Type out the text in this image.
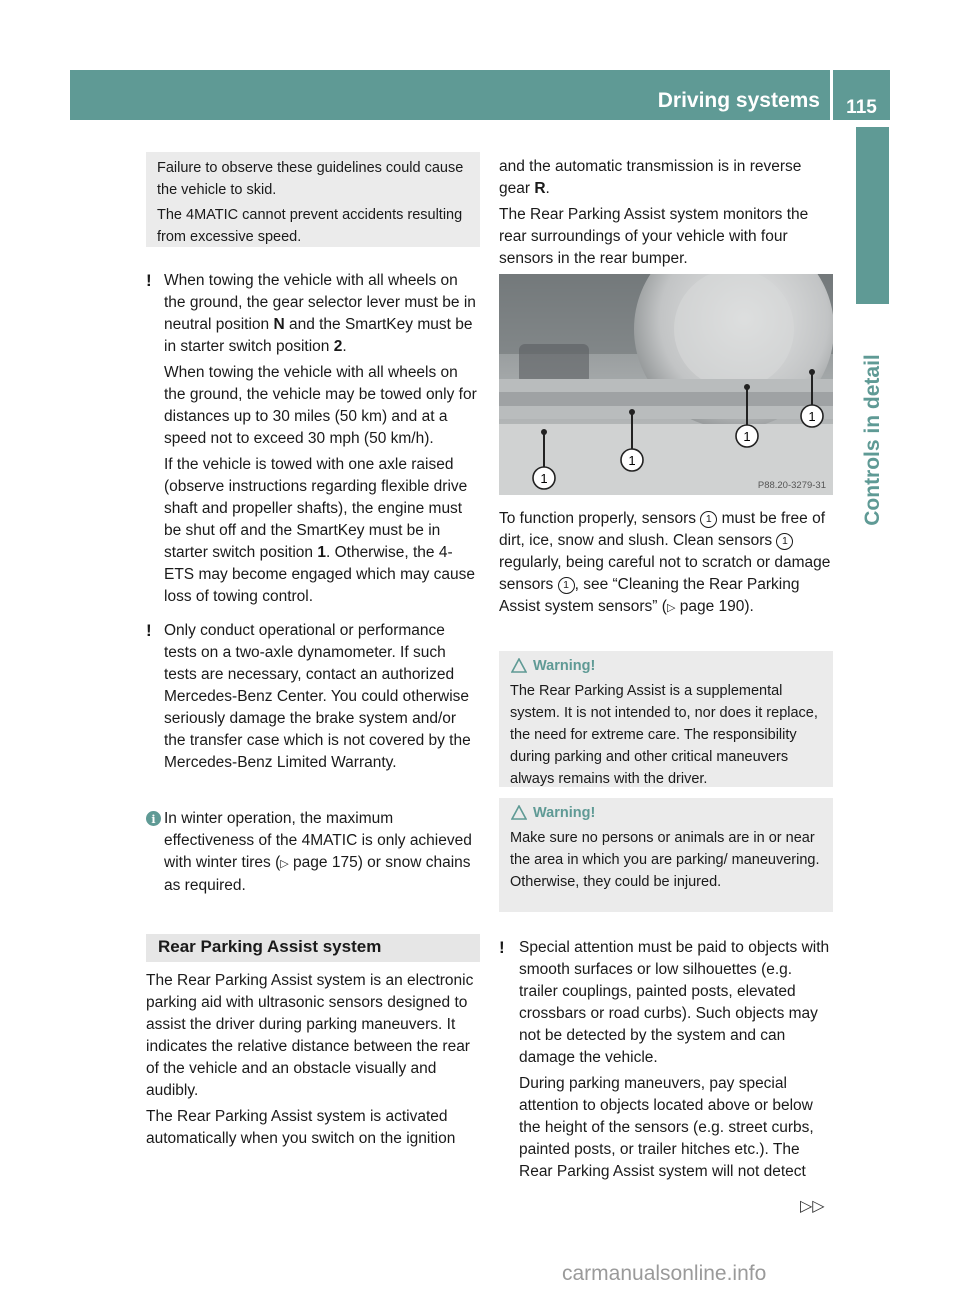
Driving systems	115
Controls in detail

Failure to observe these guidelines could cause the vehicle to skid.

The 4MATIC cannot prevent accidents resulting from excessive speed.

! When towing the vehicle with all wheels on the ground, the gear selector lever must be in neutral position N and the SmartKey must be in starter switch position 2.

When towing the vehicle with all wheels on the ground, the vehicle may be towed only for distances up to 30 miles (50 km) and at a speed not to exceed 30 mph (50 km/h).

If the vehicle is towed with one axle raised (observe instructions regarding flexible drive shaft and propeller shafts), the engine must be shut off and the SmartKey must be in starter switch position 1. Otherwise, the 4-ETS may become engaged which may cause loss of towing control.

! Only conduct operational or performance tests on a two-axle dynamometer. If such tests are necessary, contact an authorized Mercedes-Benz Center. You could otherwise seriously damage the brake system and/or the transfer case which is not covered by the Mercedes-Benz Limited Warranty.

i In winter operation, the maximum effectiveness of the 4MATIC is only achieved with winter tires (▷ page 175) or snow chains as required.

Rear Parking Assist system

The Rear Parking Assist system is an electronic parking aid with ultrasonic sensors designed to assist the driver during parking maneuvers. It indicates the relative distance between the rear of the vehicle and an obstacle visually and audibly.

The Rear Parking Assist system is activated automatically when you switch on the ignition

and the automatic transmission is in reverse gear R.

The Rear Parking Assist system monitors the rear surroundings of your vehicle with four sensors in the rear bumper.

1
1
1
1
P88.20-3279-31

To function properly, sensors 1 must be free of dirt, ice, snow and slush. Clean sensors 1 regularly, being careful not to scratch or damage sensors 1 , see “Cleaning the Rear Parking Assist system sensors” (▷ page 190).

Warning!
The Rear Parking Assist is a supplemental system. It is not intended to, nor does it replace, the need for extreme care. The responsibility during parking and other critical maneuvers always remains with the driver.
Warning!
Make sure no persons or animals are in or near the area in which you are parking/ maneuvering. Otherwise, they could be injured.
! Special attention must be paid to objects with smooth surfaces or low silhouettes (e.g. trailer couplings, painted posts, elevated crossbars or road curbs). Such objects may not be detected by the system and can damage the vehicle.

During parking maneuvers, pay special attention to objects located above or below the height of the sensors (e.g. street curbs, painted posts, or trailer hitches etc.). The Rear Parking Assist system will not detect

▷▷
carmanualsonline.info
